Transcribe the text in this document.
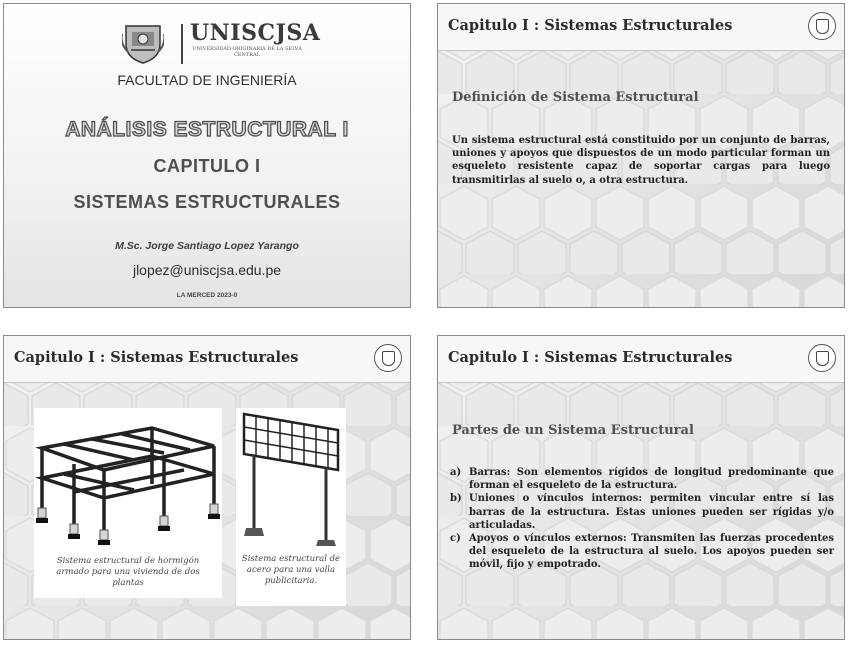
UNISCJSA
UNIVERSIDAD ORIGINARIA DE LA SELVA CENTRAL
FACULTAD DE INGENIERÍA
ANÁLISIS ESTRUCTURAL I
CAPITULO I
SISTEMAS ESTRUCTURALES
M.Sc. Jorge Santiago Lopez Yarango
jlopez@uniscjsa.edu.pe
LA MERCED 2023-0
Capitulo I : Sistemas Estructurales
Definición de Sistema Estructural
Un sistema estructural está constituido por un conjunto de barras, uniones y apoyos que dispuestos de un modo particular forman un esqueleto resistente capaz de soportar cargas para luego transmitirlas al suelo o, a otra estructura.
Capitulo I : Sistemas Estructurales
Sistema estructural de hormigón armado para una vivienda de dos plantas
Sistema estructural de acero para una valla publicitaria.
Capitulo I : Sistemas Estructurales
Partes de un Sistema Estructural
a) Barras: Son elementos rígidos de longitud predominante que forman el esqueleto de la estructura.
b) Uniones o vínculos internos: permiten vincular entre sí las barras de la estructura. Estas uniones pueden ser rígidas y/o articuladas.
c) Apoyos o vínculos externos: Transmiten las fuerzas procedentes del esqueleto de la estructura al suelo. Los apoyos pueden ser móvil, fijo y empotrado.
